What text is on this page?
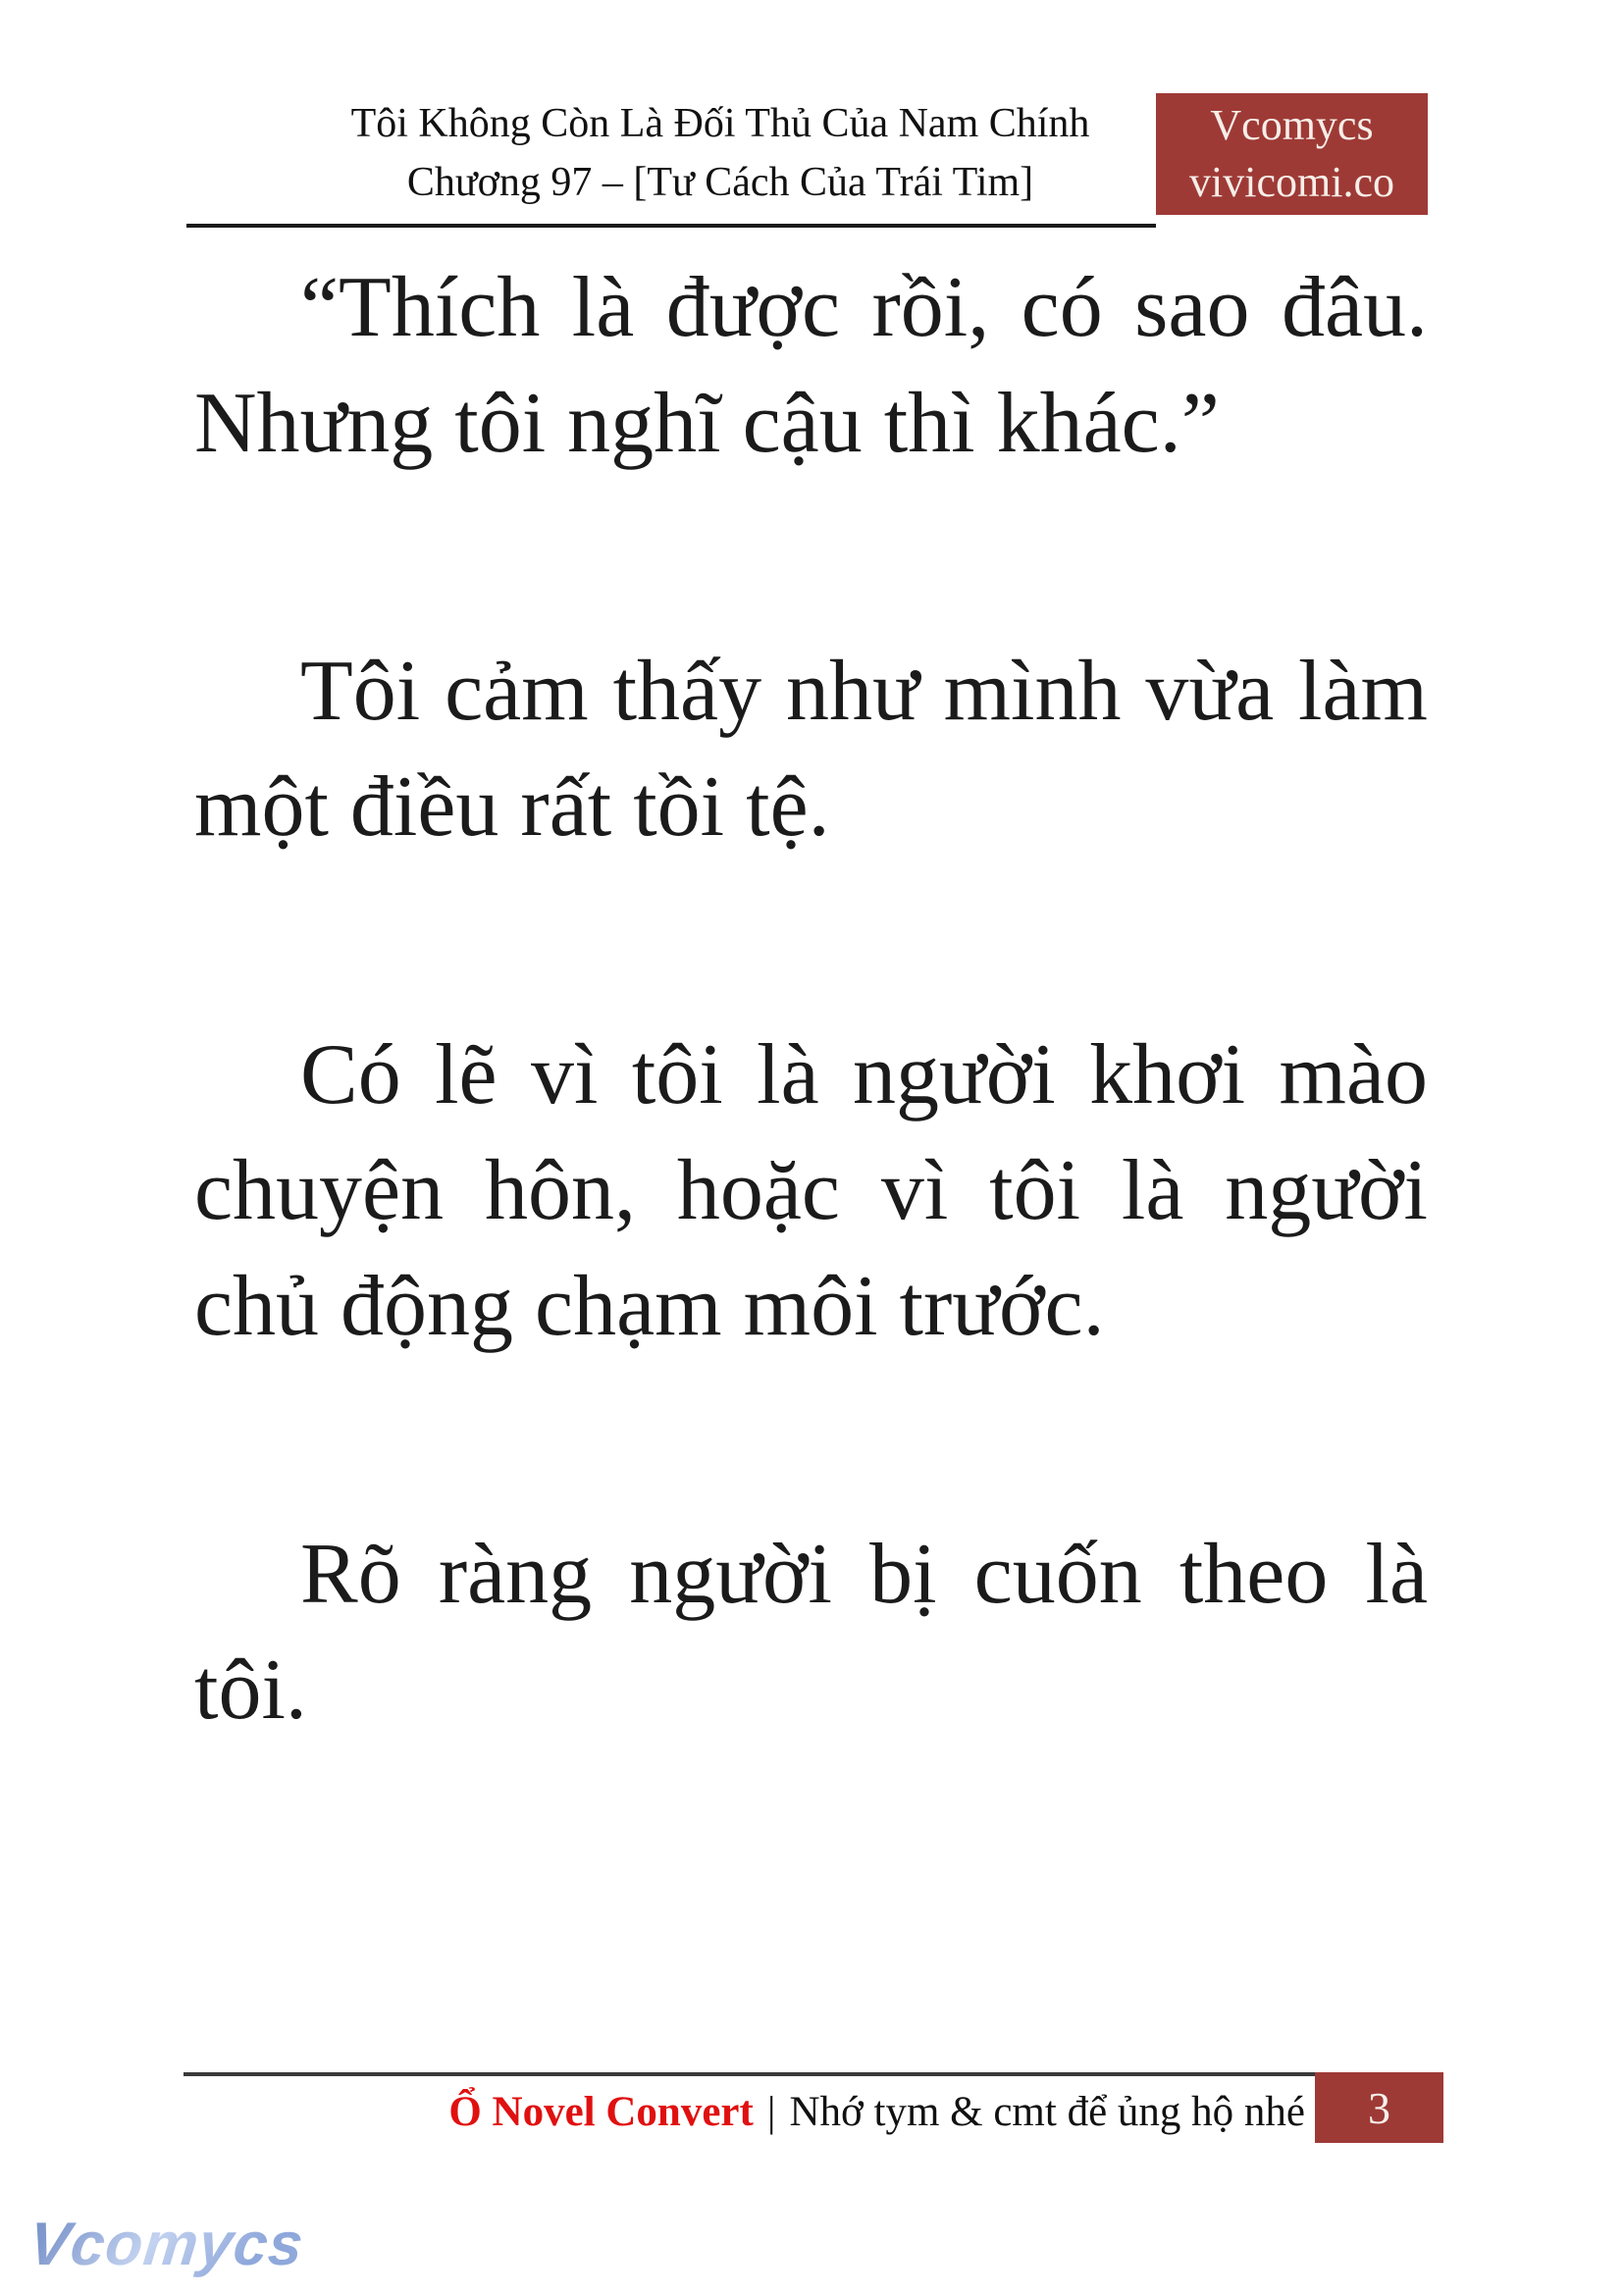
Tôi Không Còn Là Đối Thủ Của Nam Chính
Chương 97 – [Tư Cách Của Trái Tim]
Vcomycs
vivicomi.co

“Thích là được rồi, có sao đâu. Nhưng tôi nghĩ cậu thì khác.”

Tôi cảm thấy như mình vừa làm một điều rất tồi tệ.

Có lẽ vì tôi là người khơi mào chuyện hôn, hoặc vì tôi là người chủ động chạm môi trước.

Rõ ràng người bị cuốn theo là tôi.

Ổ Novel Convert | Nhớ tym & cmt để ủng hộ nhé 3
Vcomycs
